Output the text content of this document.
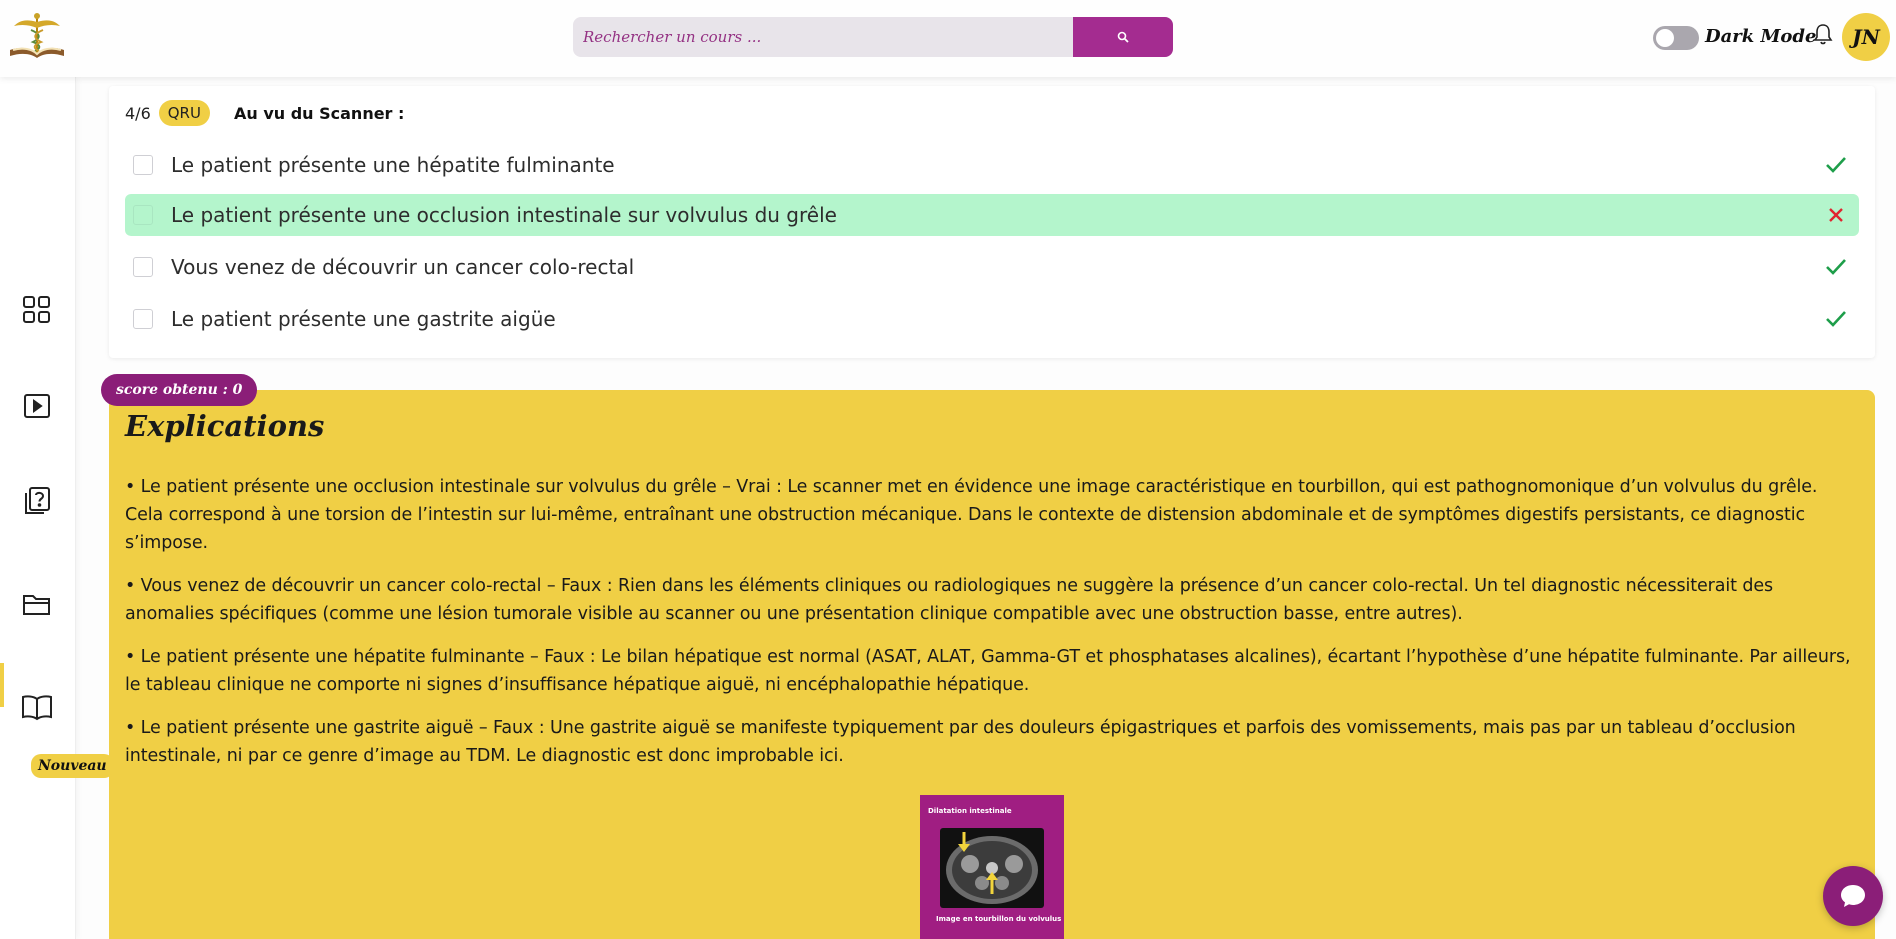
Rechercher un cours ...
Dark Mode	JN
Nouveau
4/6	QRU	Au vu du Scanner :
Le patient présente une hépatite fulminante
Le patient présente une occlusion intestinale sur volvulus du grêle
Vous venez de découvrir un cancer colo-rectal
Le patient présente une gastrite aigüe
score obtenu : 0
Explications

• Le patient présente une occlusion intestinale sur volvulus du grêle – Vrai : Le scanner met en évidence une image caractéristique en tourbillon, qui est pathognomonique d’un volvulus du grêle. Cela correspond à une torsion de l’intestin sur lui-même, entraînant une obstruction mécanique. Dans le contexte de distension abdominale et de symptômes digestifs persistants, ce diagnostic s’impose.

• Vous venez de découvrir un cancer colo-rectal – Faux : Rien dans les éléments cliniques ou radiologiques ne suggère la présence d’un cancer colo-rectal. Un tel diagnostic nécessiterait des anomalies spécifiques (comme une lésion tumorale visible au scanner ou une présentation clinique compatible avec une obstruction basse, entre autres).

• Le patient présente une hépatite fulminante – Faux : Le bilan hépatique est normal (ASAT, ALAT, Gamma-GT et phosphatases alcalines), écartant l’hypothèse d’une hépatite fulminante. Par ailleurs, le tableau clinique ne comporte ni signes d’insuffisance hépatique aiguë, ni encéphalopathie hépatique.

• Le patient présente une gastrite aiguë – Faux : Une gastrite aiguë se manifeste typiquement par des douleurs épigastriques et parfois des vomissements, mais pas par un tableau d’occlusion intestinale, ni par ce genre d’image au TDM. Le diagnostic est donc improbable ici.

Dilatation intestinale
Image en tourbillon du volvulus
